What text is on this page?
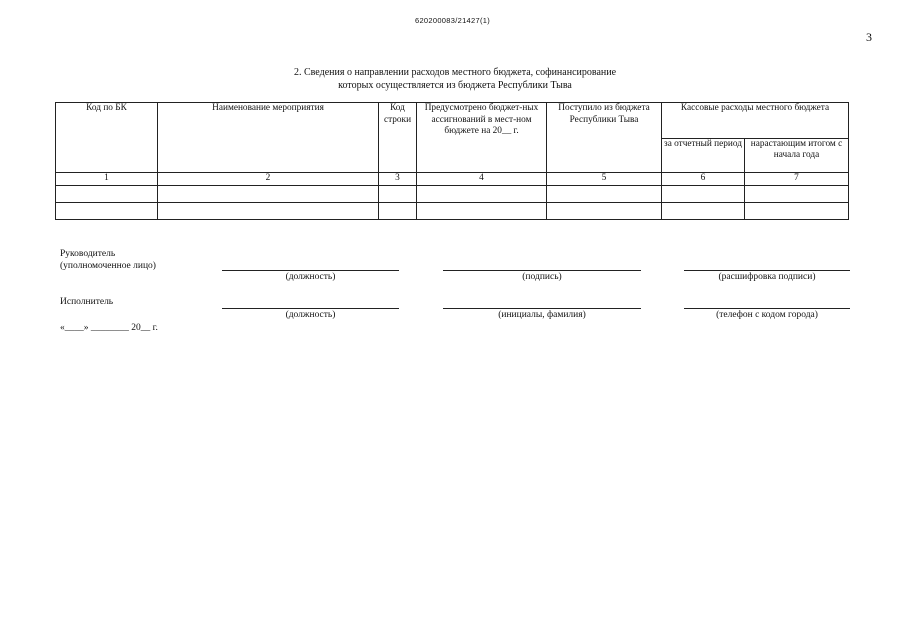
620200083/21427(1)
3
2. Сведения о направлении расходов местного бюджета, софинансирование
которых осуществляется из бюджета Республики Тыва
Код по БК	Наименование мероприятия	Код строки	Предусмотрено бюджет-ных ассигнований в мест-ном бюджете на 20__ г.	Поступило из бюджета Республики Тыва	Кассовые расходы местного бюджета	
					за отчетный период	нарастающим итогом с начала года
1	2	3	4	5	6	7

Руководитель
(уполномоченное лицо)
(должность)	(подпись)	(расшифровка подписи)
Исполнитель
(должность)	(инициалы, фамилия)	(телефон с кодом города)
«____» ________ 20__ г.
